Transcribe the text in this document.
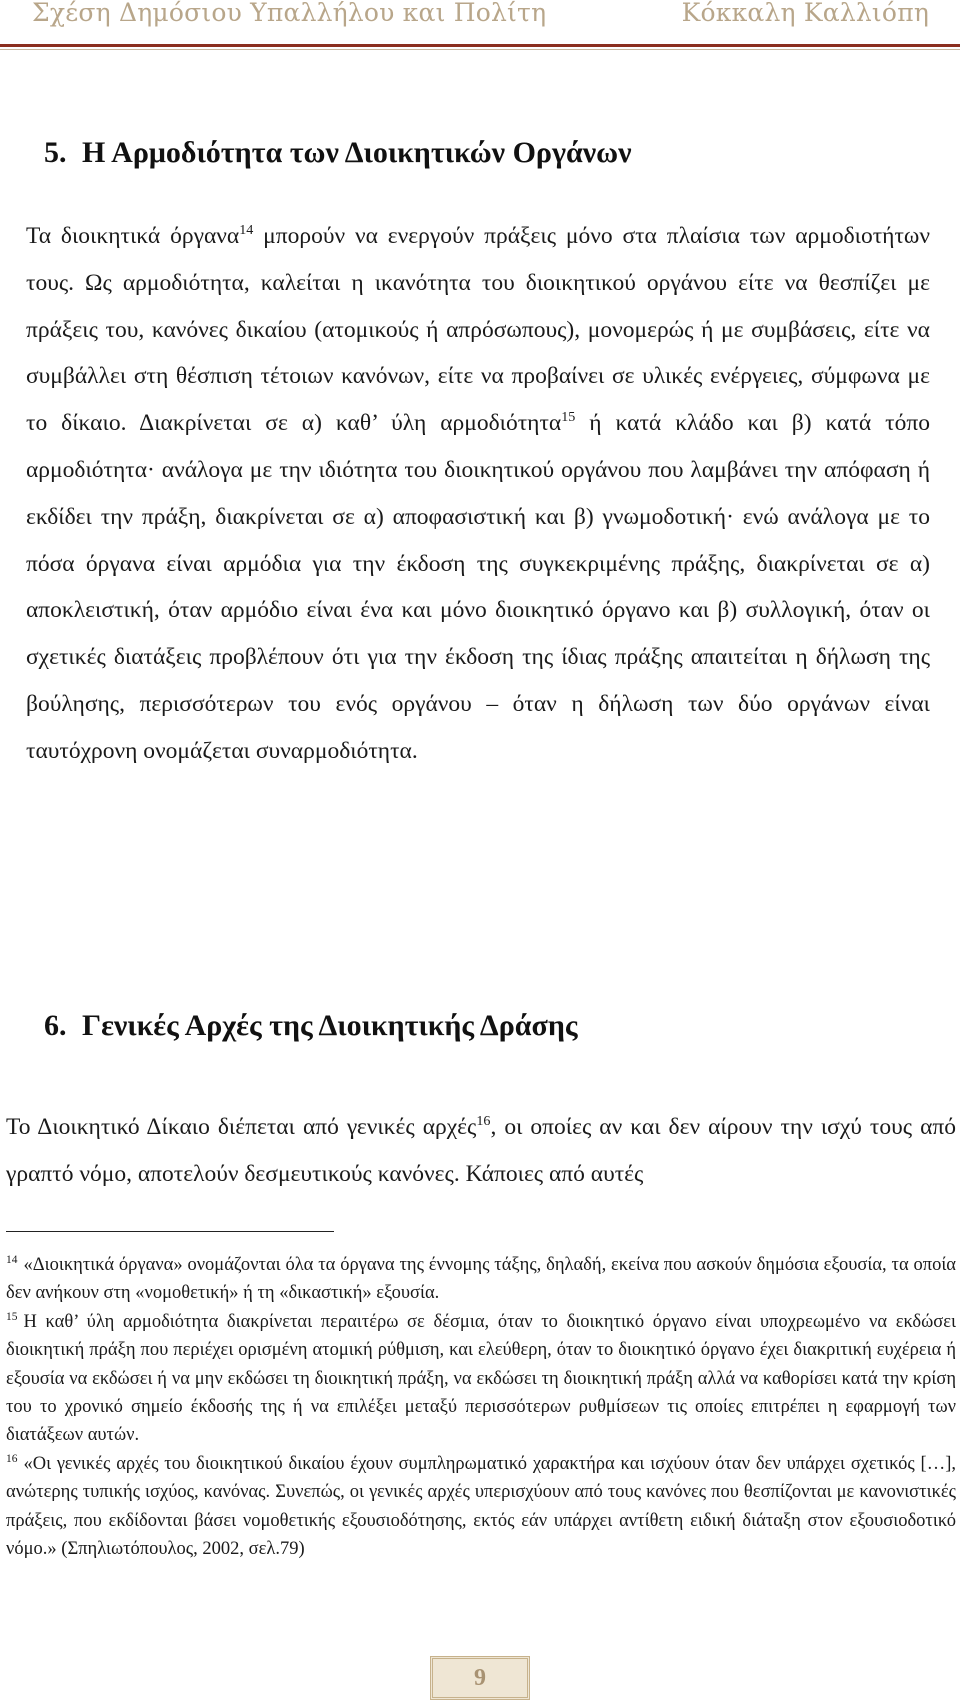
Σχέση Δημόσιου Υπαλλήλου και Πολίτη	Κόκκαλη Καλλιόπη
5. Η Αρμοδιότητα των Διοικητικών Οργάνων
Τα διοικητικά όργανα$^{14}$ μπορούν να ενεργούν πράξεις μόνο στα πλαίσια των αρμοδιοτήτων τους. Ως αρμοδιότητα, καλείται η ικανότητα του διοικητικού οργάνου είτε να θεσπίζει με πράξεις του, κανόνες δικαίου (ατομικούς ή απρόσωπους), μονομερώς ή με συμβάσεις, είτε να συμβάλλει στη θέσπιση τέτοιων κανόνων, είτε να προβαίνει σε υλικές ενέργειες, σύμφωνα με το δίκαιο. Διακρίνεται σε α) καθ’ ύλη αρμοδιότητα$^{15}$ ή κατά κλάδο και β) κατά τόπο αρμοδιότητα· ανάλογα με την ιδιότητα του διοικητικού οργάνου που λαμβάνει την απόφαση ή εκδίδει την πράξη, διακρίνεται σε α) αποφασιστική και β) γνωμοδοτική· ενώ ανάλογα με το πόσα όργανα είναι αρμόδια για την έκδοση της συγκεκριμένης πράξης, διακρίνεται σε α) αποκλειστική, όταν αρμόδιο είναι ένα και μόνο διοικητικό όργανο και β) συλλογική, όταν οι σχετικές διατάξεις προβλέπουν ότι για την έκδοση της ίδιας πράξης απαιτείται η δήλωση της βούλησης, περισσότερων του ενός οργάνου – όταν η δήλωση των δύο οργάνων είναι ταυτόχρονη ονομάζεται συναρμοδιότητα.
6. Γενικές Αρχές της Διοικητικής Δράσης
Το Διοικητικό Δίκαιο διέπεται από γενικές αρχές$^{16}$, οι οποίες αν και δεν αίρουν την ισχύ τους από γραπτό νόμο, αποτελούν δεσμευτικούς κανόνες. Κάποιες από αυτές

$^{14}$ «Διοικητικά όργανα» ονομάζονται όλα τα όργανα της έννομης τάξης, δηλαδή, εκείνα που ασκούν δημόσια εξουσία, τα οποία δεν ανήκουν στη «νομοθετική» ή τη «δικαστική» εξουσία.

$^{15}$ Η καθ’ ύλη αρμοδιότητα διακρίνεται περαιτέρω σε δέσμια, όταν το διοικητικό όργανο είναι υποχρεωμένο να εκδώσει διοικητική πράξη που περιέχει ορισμένη ατομική ρύθμιση, και ελεύθερη, όταν το διοικητικό όργανο έχει διακριτική ευχέρεια ή εξουσία να εκδώσει ή να μην εκδώσει τη διοικητική πράξη, να εκδώσει τη διοικητική πράξη αλλά να καθορίσει κατά την κρίση του το χρονικό σημείο έκδοσής της ή να επιλέξει μεταξύ περισσότερων ρυθμίσεων τις οποίες επιτρέπει η εφαρμογή των διατάξεων αυτών.

$^{16}$ «Οι γενικές αρχές του διοικητικού δικαίου έχουν συμπληρωματικό χαρακτήρα και ισχύουν όταν δεν υπάρχει σχετικός […], ανώτερης τυπικής ισχύος, κανόνας. Συνεπώς, οι γενικές αρχές υπερισχύουν από τους κανόνες που θεσπίζονται με κανονιστικές πράξεις, που εκδίδονται βάσει νομοθετικής εξουσιοδότησης, εκτός εάν υπάρχει αντίθετη ειδική διάταξη στον εξουσιοδοτικό νόμο.» (Σπηλιωτόπουλος, 2002, σελ.79)

9
